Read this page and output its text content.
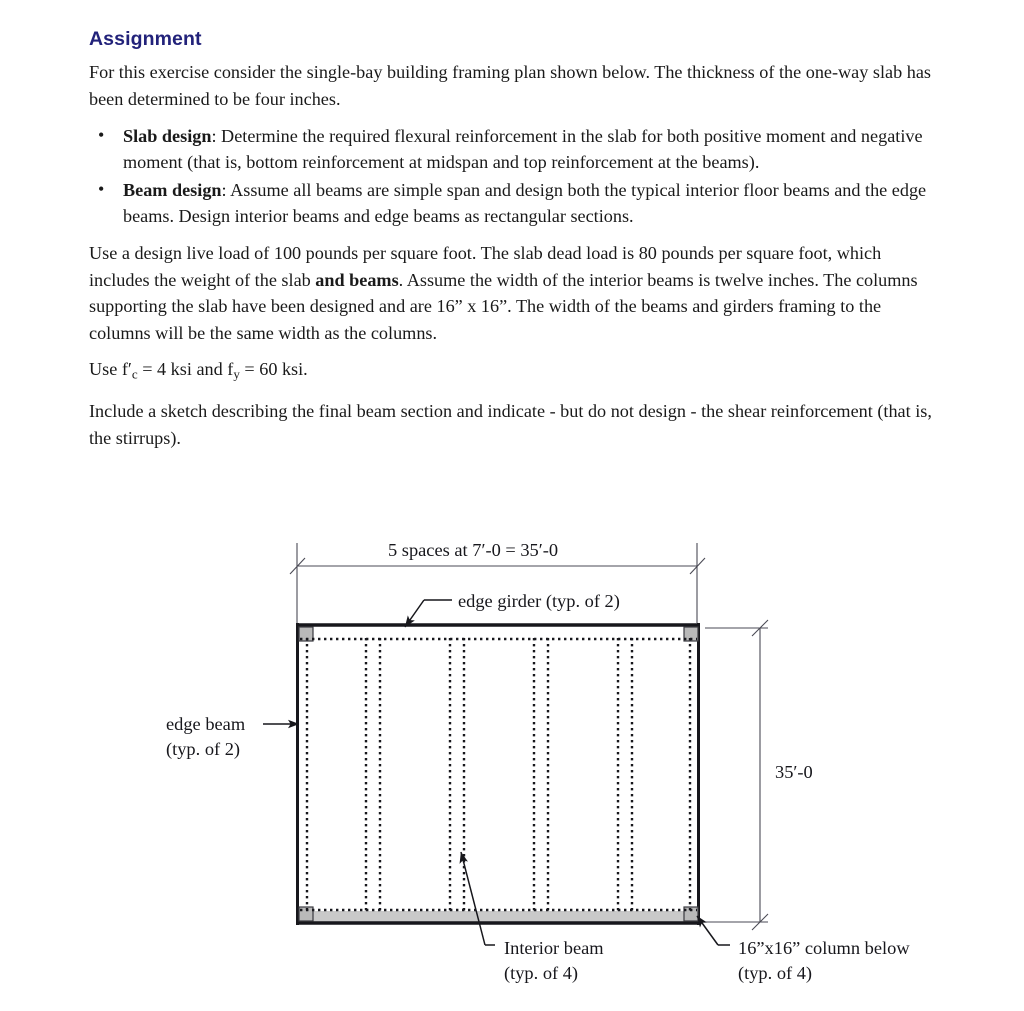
Assignment

For this exercise consider the single-bay building framing plan shown below. The thickness of the one-way slab has been determined to be four inches.

• Slab design: Determine the required flexural reinforcement in the slab for both positive moment and negative moment (that is, bottom reinforcement at midspan and top reinforcement at the beams).
• Beam design: Assume all beams are simple span and design both the typical interior floor beams and the edge beams. Design interior beams and edge beams as rectangular sections.

Use a design live load of 100 pounds per square foot. The slab dead load is 80 pounds per square foot, which includes the weight of the slab and beams. Assume the width of the interior beams is twelve inches. The columns supporting the slab have been designed and are 16” x 16”. The width of the beams and girders framing to the columns will be the same width as the columns.

Use $f'_c = 4$ ksi and $f_y = 60$ ksi.

Include a sketch describing the final beam section and indicate - but do not design - the shear reinforcement (that is, the stirrups).

5 spaces at 7′-0 = 35′-0
35′-0
edge girder (typ. of 2)
edge beam
(typ. of 2)
Interior beam
(typ. of 4)
16”x16” column below
(typ. of 4)
